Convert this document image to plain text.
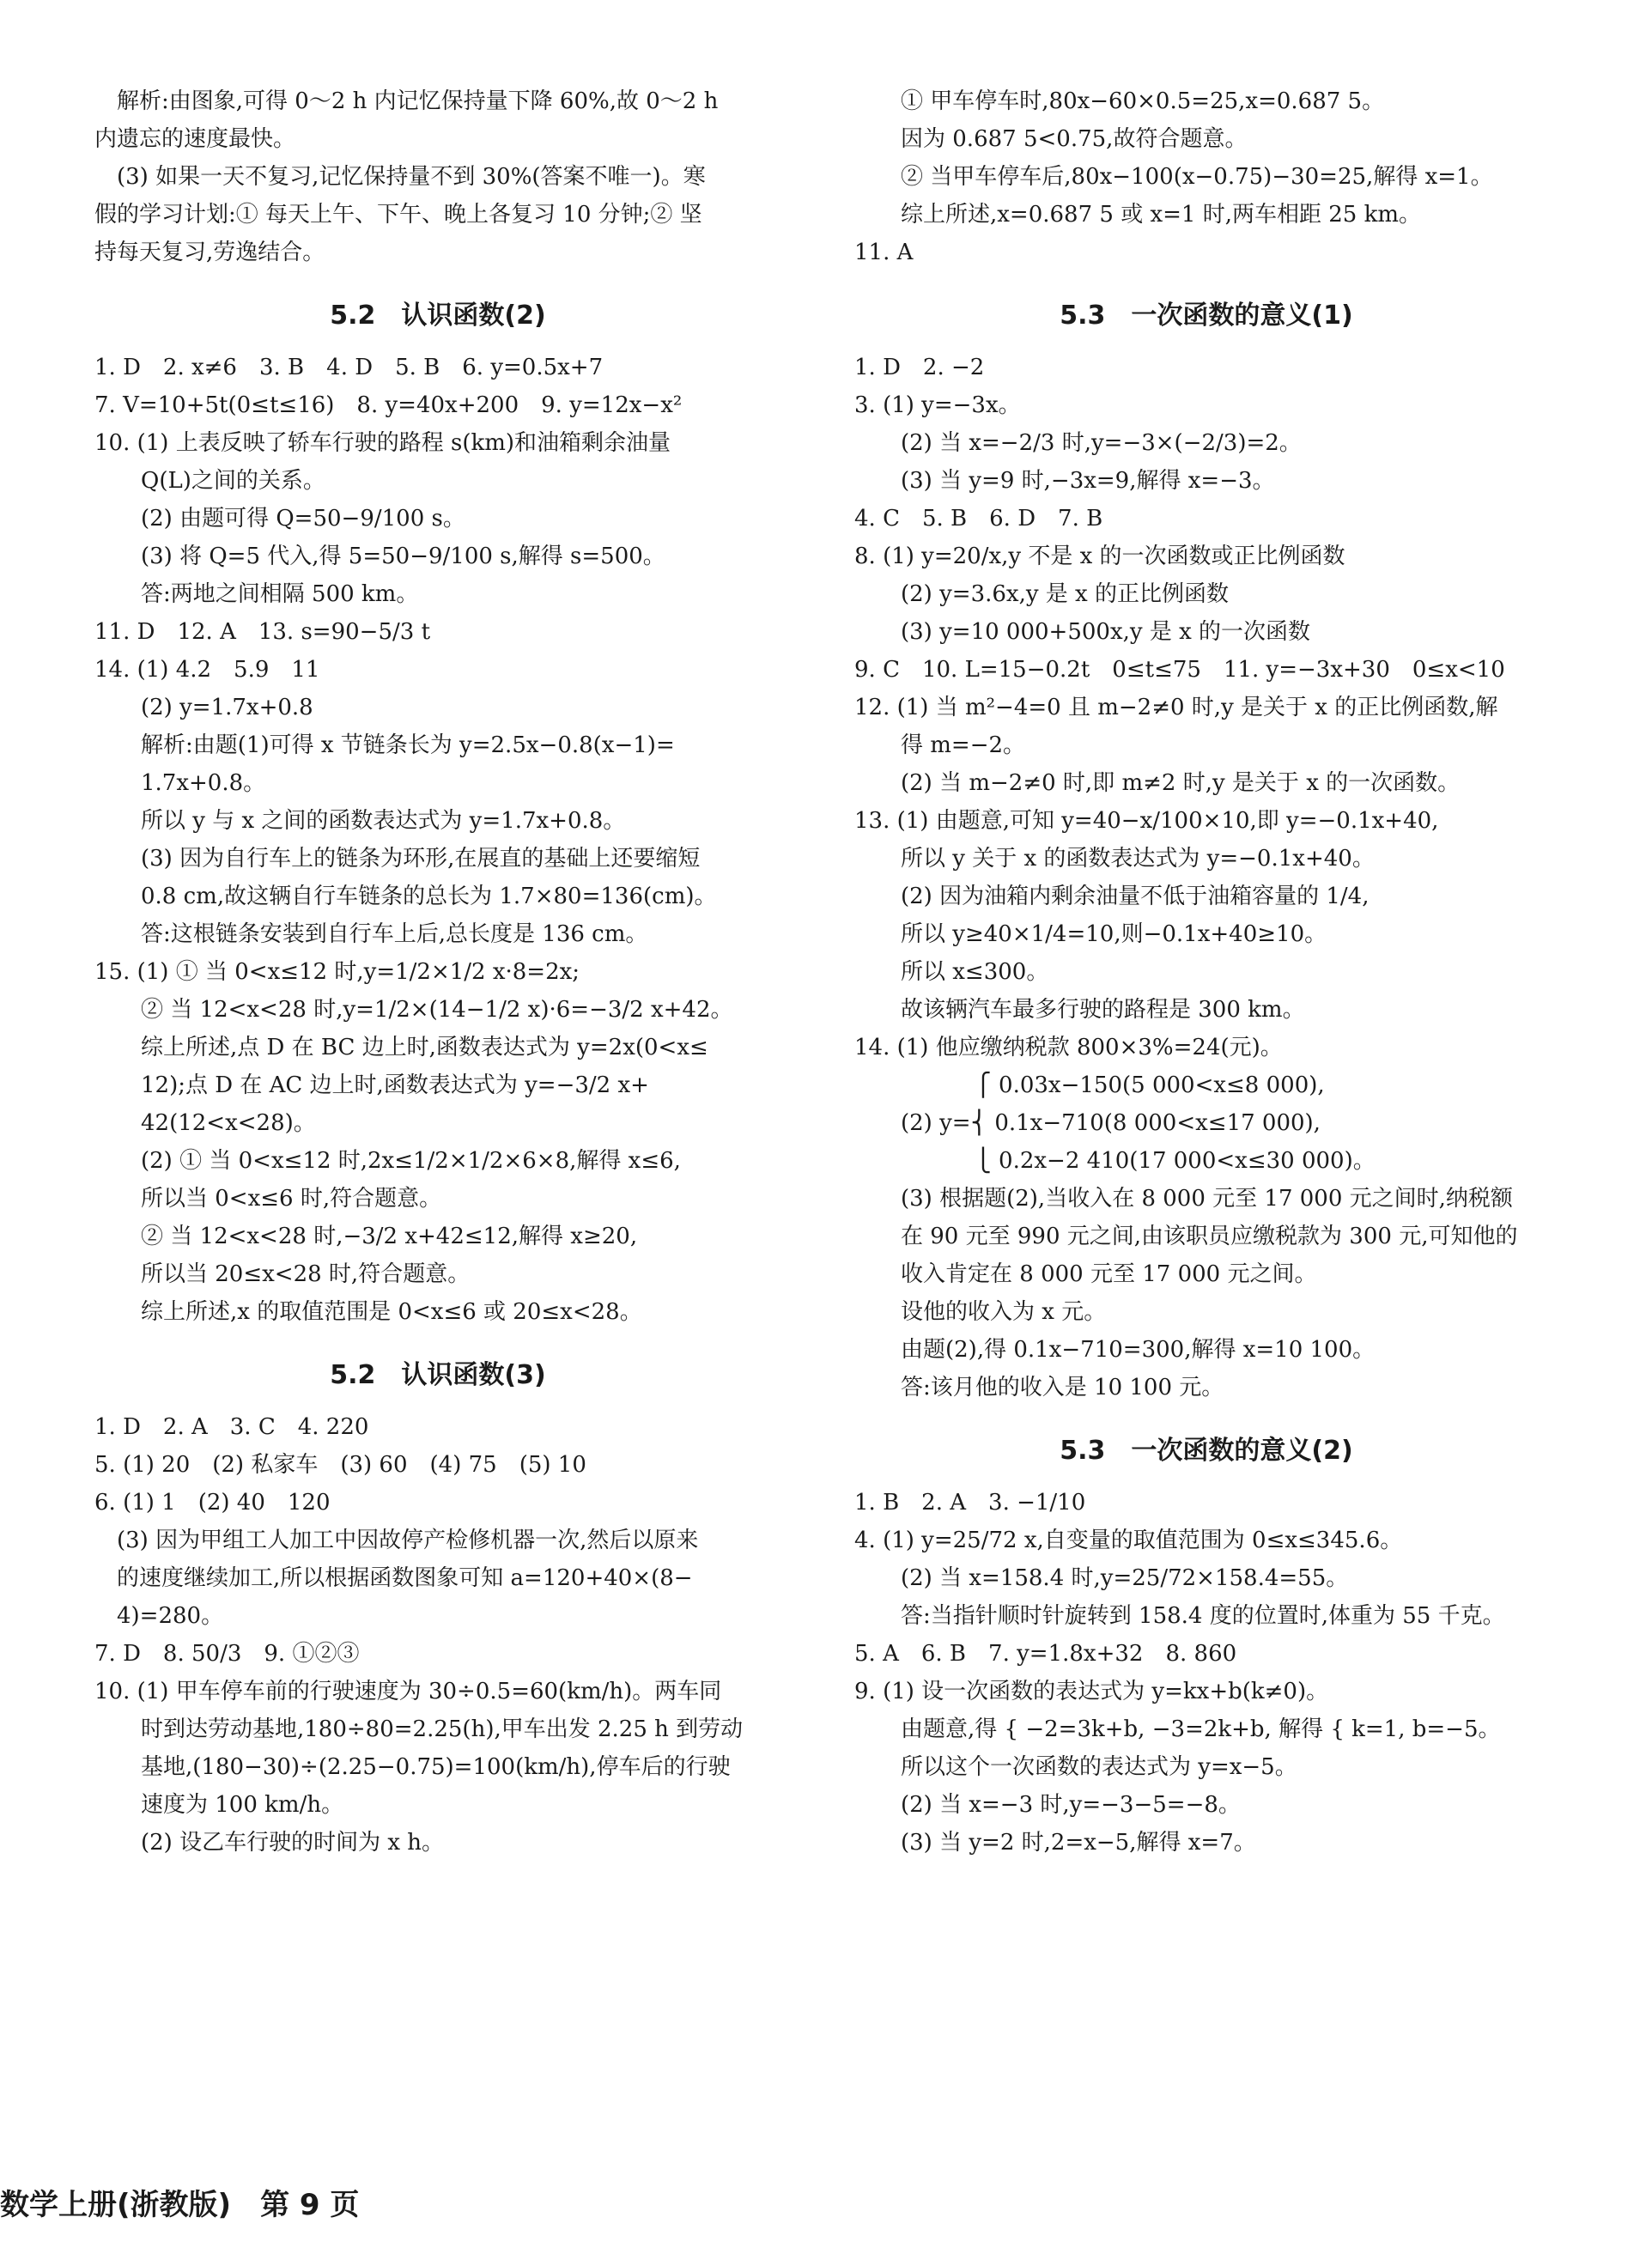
解析:由图象,可得 0～2 h 内记忆保持量下降 60%,故 0～2 h
内遗忘的速度最快。
(3) 如果一天不复习,记忆保持量不到 30%(答案不唯一)。寒
假的学习计划:① 每天上午、下午、晚上各复习 10 分钟;② 坚
持每天复习,劳逸结合。
5.2　认识函数(2)
1. D　2. x≠6　3. B　4. D　5. B　6. y=0.5x+7
7. V=10+5t(0≤t≤16)　8. y=40x+200　9. y=12x−x²
10. (1) 上表反映了轿车行驶的路程 s(km)和油箱剩余油量
Q(L)之间的关系。
(2) 由题可得 Q=50−9/100 s。
(3) 将 Q=5 代入,得 5=50−9/100 s,解得 s=500。
答:两地之间相隔 500 km。
11. D　12. A　13. s=90−5/3 t
14. (1) 4.2　5.9　11
(2) y=1.7x+0.8
解析:由题(1)可得 x 节链条长为 y=2.5x−0.8(x−1)=
1.7x+0.8。
所以 y 与 x 之间的函数表达式为 y=1.7x+0.8。
(3) 因为自行车上的链条为环形,在展直的基础上还要缩短
0.8 cm,故这辆自行车链条的总长为 1.7×80=136(cm)。
答:这根链条安装到自行车上后,总长度是 136 cm。
15. (1) ① 当 0<x≤12 时,y=1/2×1/2 x·8=2x;
② 当 12<x<28 时,y=1/2×(14−1/2 x)·6=−3/2 x+42。
综上所述,点 D 在 BC 边上时,函数表达式为 y=2x(0<x≤
12);点 D 在 AC 边上时,函数表达式为 y=−3/2 x+
42(12<x<28)。
(2) ① 当 0<x≤12 时,2x≤1/2×1/2×6×8,解得 x≤6,
所以当 0<x≤6 时,符合题意。
② 当 12<x<28 时,−3/2 x+42≤12,解得 x≥20,
所以当 20≤x<28 时,符合题意。
综上所述,x 的取值范围是 0<x≤6 或 20≤x<28。
5.2　认识函数(3)
1. D　2. A　3. C　4. 220
5. (1) 20　(2) 私家车　(3) 60　(4) 75　(5) 10
6. (1) 1　(2) 40　120
(3) 因为甲组工人加工中因故停产检修机器一次,然后以原来
的速度继续加工,所以根据函数图象可知 a=120+40×(8−
4)=280。
7. D　8. 50/3　9. ①②③
10. (1) 甲车停车前的行驶速度为 30÷0.5=60(km/h)。两车同
时到达劳动基地,180÷80=2.25(h),甲车出发 2.25 h 到劳动
基地,(180−30)÷(2.25−0.75)=100(km/h),停车后的行驶
速度为 100 km/h。
(2) 设乙车行驶的时间为 x h。
① 甲车停车时,80x−60×0.5=25,x=0.687 5。
因为 0.687 5<0.75,故符合题意。
② 当甲车停车后,80x−100(x−0.75)−30=25,解得 x=1。
综上所述,x=0.687 5 或 x=1 时,两车相距 25 km。
11. A
5.3　一次函数的意义(1)
1. D　2. −2
3. (1) y=−3x。
(2) 当 x=−2/3 时,y=−3×(−2/3)=2。
(3) 当 y=9 时,−3x=9,解得 x=−3。
4. C　5. B　6. D　7. B
8. (1) y=20/x,y 不是 x 的一次函数或正比例函数
(2) y=3.6x,y 是 x 的正比例函数
(3) y=10 000+500x,y 是 x 的一次函数
9. C　10. L=15−0.2t　0≤t≤75　11. y=−3x+30　0≤x<10
12. (1) 当 m²−4=0 且 m−2≠0 时,y 是关于 x 的正比例函数,解
得 m=−2。
(2) 当 m−2≠0 时,即 m≠2 时,y 是关于 x 的一次函数。
13. (1) 由题意,可知 y=40−x/100×10,即 y=−0.1x+40,
所以 y 关于 x 的函数表达式为 y=−0.1x+40。
(2) 因为油箱内剩余油量不低于油箱容量的 1/4,
所以 y≥40×1/4=10,则−0.1x+40≥10。
所以 x≤300。
故该辆汽车最多行驶的路程是 300 km。
14. (1) 他应缴纳税款 800×3%=24(元)。
　　　 ⎧ 0.03x−150(5 000<x≤8 000),
(2) y=⎨ 0.1x−710(8 000<x≤17 000),
　　　 ⎩ 0.2x−2 410(17 000<x≤30 000)。
(3) 根据题(2),当收入在 8 000 元至 17 000 元之间时,纳税额
在 90 元至 990 元之间,由该职员应缴税款为 300 元,可知他的
收入肯定在 8 000 元至 17 000 元之间。
设他的收入为 x 元。
由题(2),得 0.1x−710=300,解得 x=10 100。
答:该月他的收入是 10 100 元。
5.3　一次函数的意义(2)
1. B　2. A　3. −1/10
4. (1) y=25/72 x,自变量的取值范围为 0≤x≤345.6。
(2) 当 x=158.4 时,y=25/72×158.4=55。
答:当指针顺时针旋转到 158.4 度的位置时,体重为 55 千克。
5. A　6. B　7. y=1.8x+32　8. 860
9. (1) 设一次函数的表达式为 y=kx+b(k≠0)。
由题意,得 { −2=3k+b, −3=2k+b, 解得 { k=1, b=−5。
所以这个一次函数的表达式为 y=x−5。
(2) 当 x=−3 时,y=−3−5=−8。
(3) 当 y=2 时,2=x−5,解得 x=7。
数学上册(浙教版)　第 9 页
